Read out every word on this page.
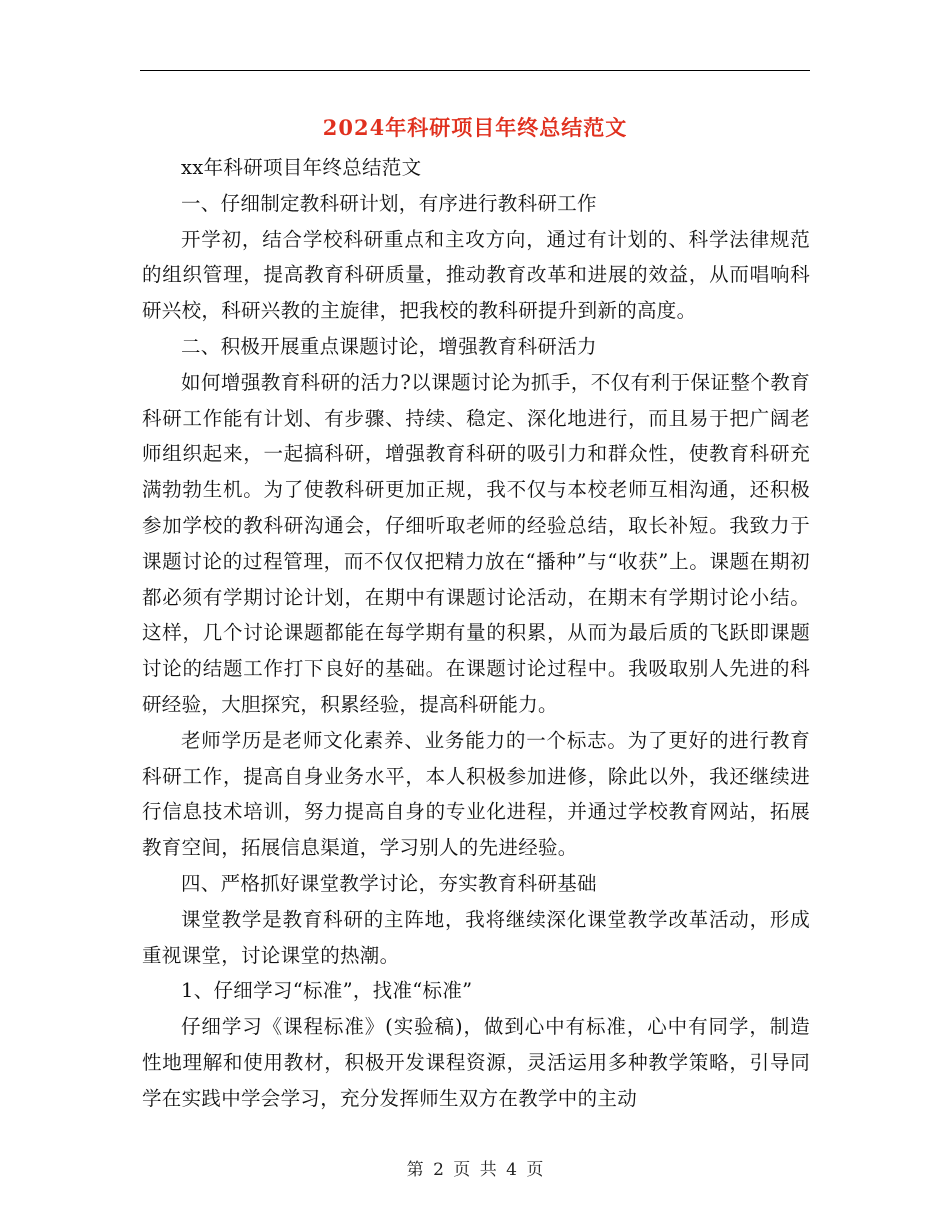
2024年科研项目年终总结范文

xx年科研项目年终总结范文

一、仔细制定教科研计划，有序进行教科研工作

开学初，结合学校科研重点和主攻方向，通过有计划的、科学法律规范的组织管理，提高教育科研质量，推动教育改革和进展的效益，从而唱响科研兴校，科研兴教的主旋律，把我校的教科研提升到新的高度。

二、积极开展重点课题讨论，增强教育科研活力

如何增强教育科研的活力?以课题讨论为抓手，不仅有利于保证整个教育科研工作能有计划、有步骤、持续、稳定、深化地进行，而且易于把广阔老师组织起来，一起搞科研，增强教育科研的吸引力和群众性，使教育科研充满勃勃生机。为了使教科研更加正规，我不仅与本校老师互相沟通，还积极参加学校的教科研沟通会，仔细听取老师的经验总结，取长补短。我致力于课题讨论的过程管理，而不仅仅把精力放在“播种”与“收获”上。课题在期初都必须有学期讨论计划，在期中有课题讨论活动，在期末有学期讨论小结。这样，几个讨论课题都能在每学期有量的积累，从而为最后质的飞跃即课题讨论的结题工作打下良好的基础。在课题讨论过程中。我吸取别人先进的科研经验，大胆探究，积累经验，提高科研能力。

老师学历是老师文化素养、业务能力的一个标志。为了更好的进行教育科研工作，提高自身业务水平，本人积极参加进修，除此以外，我还继续进行信息技术培训，努力提高自身的专业化进程，并通过学校教育网站，拓展教育空间，拓展信息渠道，学习别人的先进经验。

四、严格抓好课堂教学讨论，夯实教育科研基础

课堂教学是教育科研的主阵地，我将继续深化课堂教学改革活动，形成重视课堂，讨论课堂的热潮。

1、仔细学习“标准”，找准“标准”

仔细学习《课程标准》(实验稿)，做到心中有标准，心中有同学，制造性地理解和使用教材，积极开发课程资源，灵活运用多种教学策略，引导同学在实践中学会学习，充分发挥师生双方在教学中的主动

第 2 页 共 4 页
